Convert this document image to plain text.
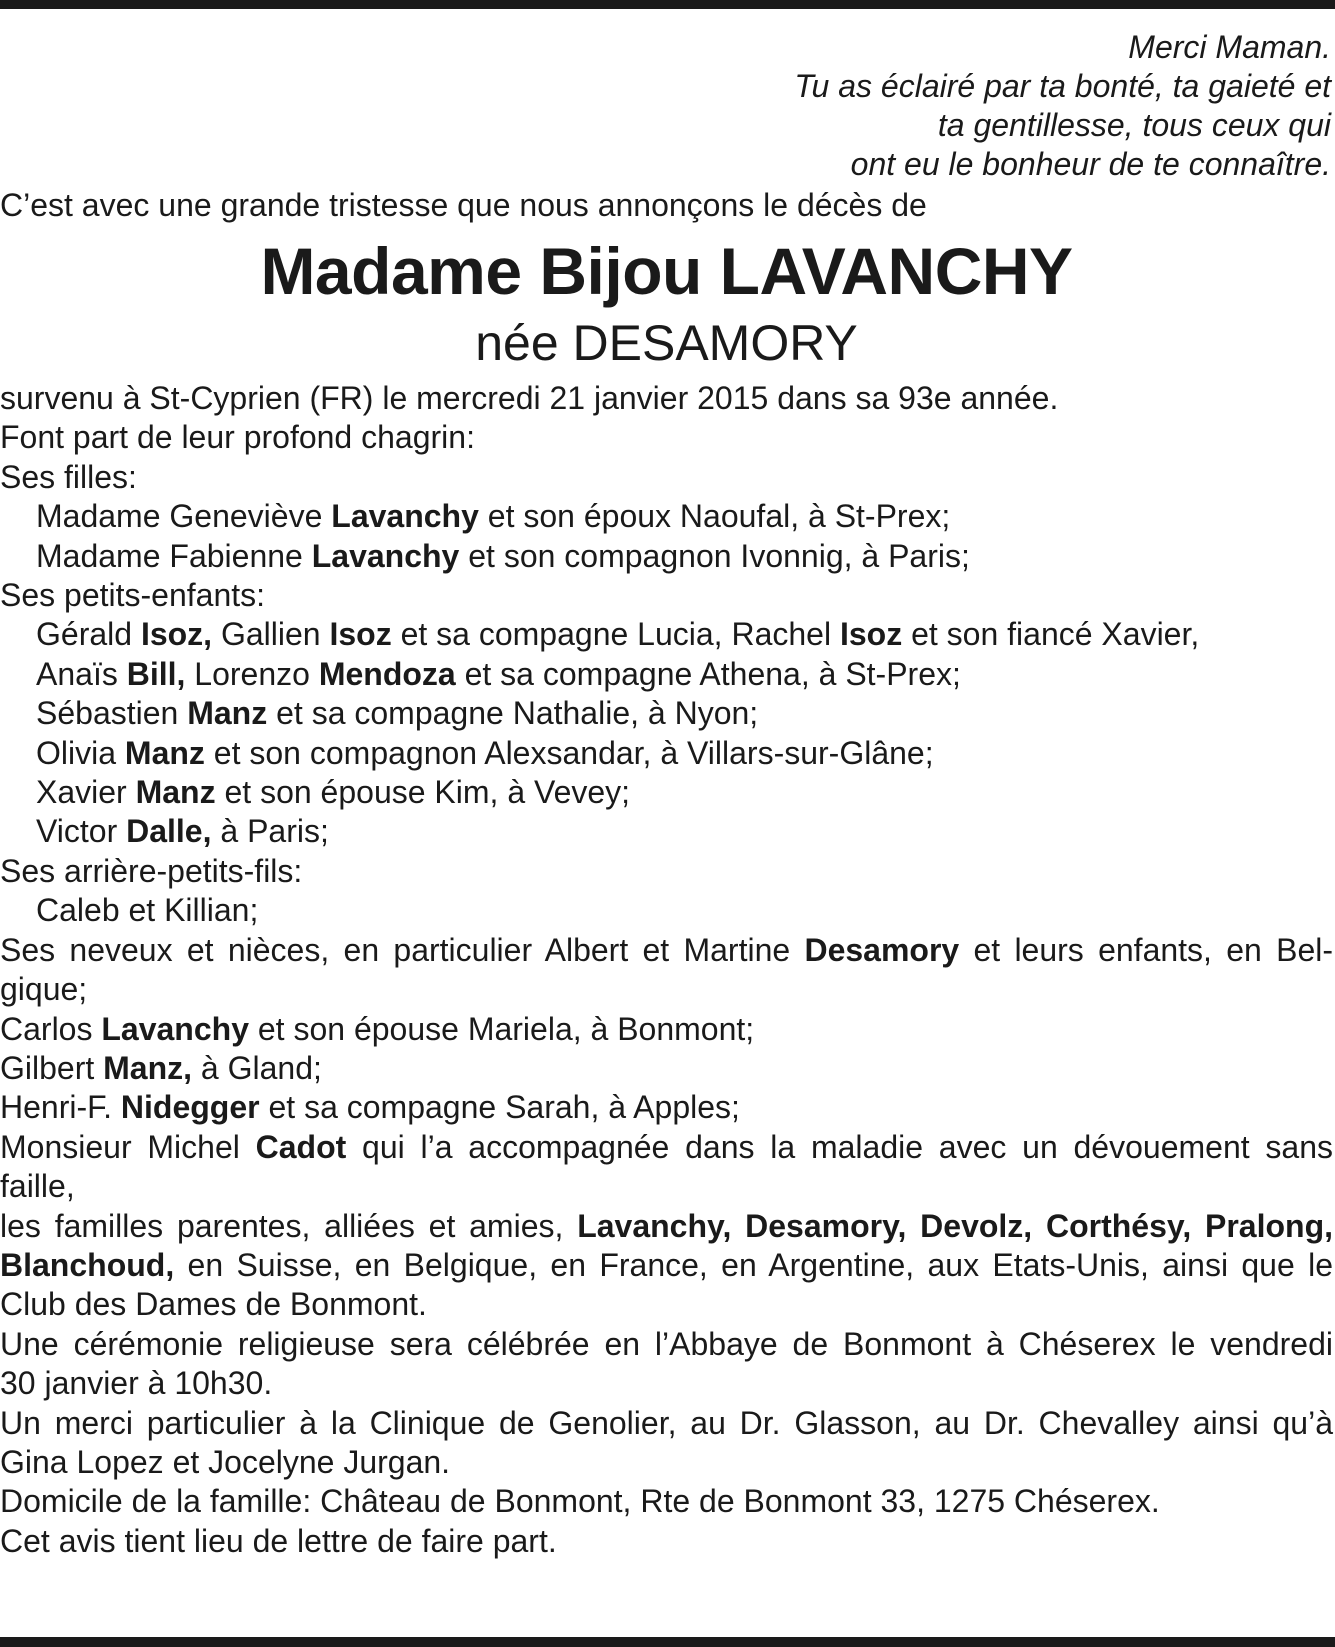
Merci Maman.
Tu as éclairé par ta bonté, ta gaieté et
ta gentillesse, tous ceux qui
ont eu le bonheur de te connaître.
C’est avec une grande tristesse que nous annonçons le décès de
Madame Bijou LAVANCHY
née DESAMORY
survenu à St-Cyprien (FR) le mercredi 21 janvier 2015 dans sa 93e année.
Font part de leur profond chagrin:
Ses filles:
Madame Geneviève Lavanchy et son époux Naoufal, à St-Prex;
Madame Fabienne Lavanchy et son compagnon Ivonnig, à Paris;
Ses petits-enfants:
Gérald Isoz, Gallien Isoz et sa compagne Lucia, Rachel Isoz et son fiancé Xavier,
Anaïs Bill, Lorenzo Mendoza et sa compagne Athena, à St-Prex;
Sébastien Manz et sa compagne Nathalie, à Nyon;
Olivia Manz et son compagnon Alexsandar, à Villars-sur-Glâne;
Xavier Manz et son épouse Kim, à Vevey;
Victor Dalle, à Paris;
Ses arrière-petits-fils:
Caleb et Killian;
Ses neveux et nièces, en particulier Albert et Martine Desamory et leurs enfants, en Bel-
gique;
Carlos Lavanchy et son épouse Mariela, à Bonmont;
Gilbert Manz, à Gland;
Henri-F. Nidegger et sa compagne Sarah, à Apples;
Monsieur Michel Cadot qui l’a accompagnée dans la maladie avec un dévouement sans
faille,
les familles parentes, alliées et amies, Lavanchy, Desamory, Devolz, Corthésy, Pralong,
Blanchoud, en Suisse, en Belgique, en France, en Argentine, aux Etats-Unis, ainsi que le
Club des Dames de Bonmont.
Une cérémonie religieuse sera célébrée en l’Abbaye de Bonmont à Chéserex le vendredi
30 janvier à 10h30.
Un merci particulier à la Clinique de Genolier, au Dr. Glasson, au Dr. Chevalley ainsi qu’à
Gina Lopez et Jocelyne Jurgan.
Domicile de la famille: Château de Bonmont, Rte de Bonmont 33, 1275 Chéserex.
Cet avis tient lieu de lettre de faire part.
